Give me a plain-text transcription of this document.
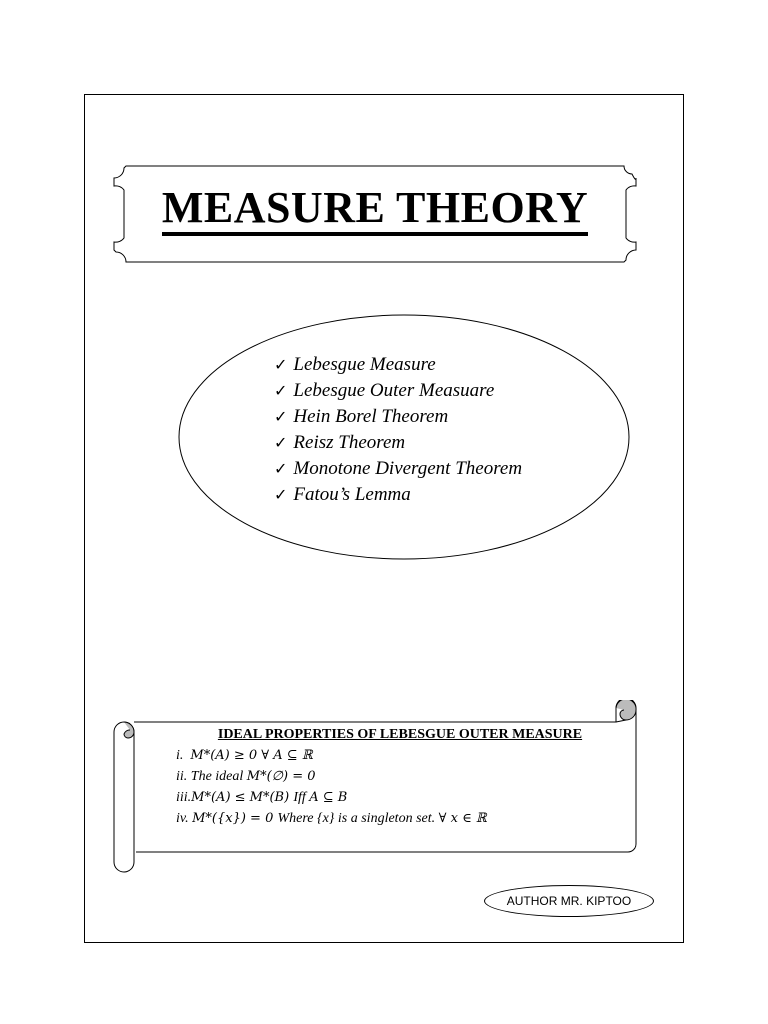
MEASURE THEORY
✓ Lebesgue Measure
✓ Lebesgue Outer Measuare
✓ Hein Borel Theorem
✓ Reisz Theorem
✓ Monotone Divergent Theorem
✓ Fatou’s Lemma
IDEAL PROPERTIES OF LEBESGUE OUTER MEASURE
i. M*(A) ≥ 0 ∀ A ⊆ ℝ
ii. The ideal M*(∅) = 0
iii.M*(A) ≤ M*(B) Iff A ⊆ B
iv. M*({x}) = 0 Where {x} is a singleton set. ∀ x ∈ ℝ
AUTHOR MR. KIPTOO
